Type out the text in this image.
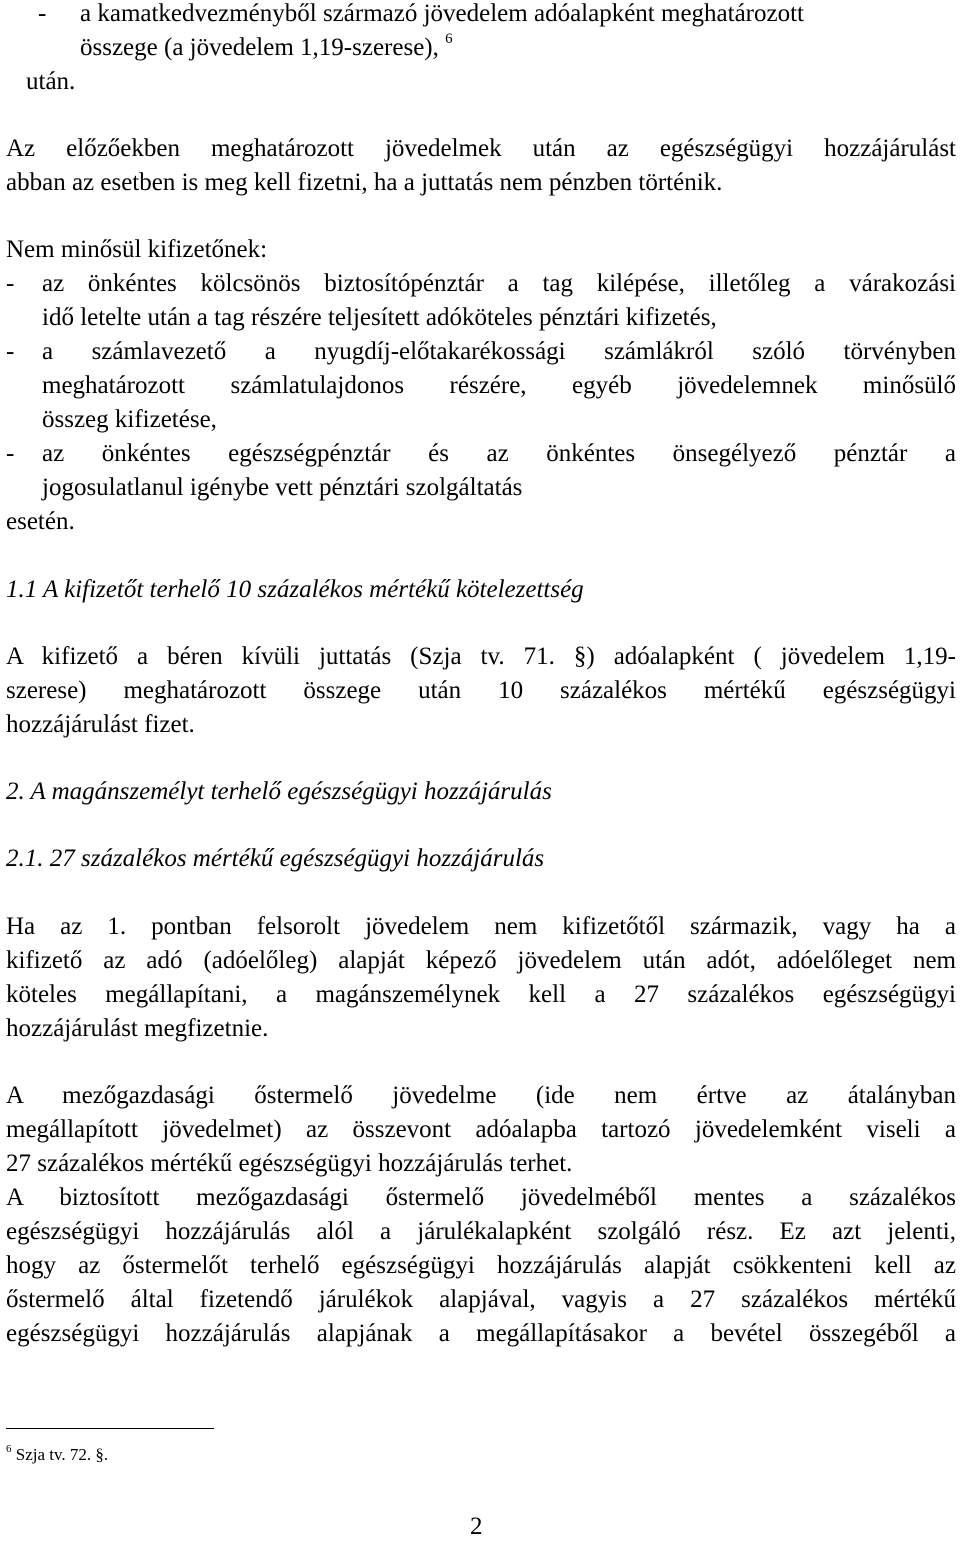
- a kamatkedvezményből származó jövedelem adóalapként meghatározott
összege (a jövedelem 1,19-szerese), $^6$
után.
Az előzőekben meghatározott jövedelmek után az egészségügyi hozzájárulást
abban az esetben is meg kell fizetni, ha a juttatás nem pénzben történik.
Nem minősül kifizetőnek:
- az önkéntes kölcsönös biztosítópénztár a tag kilépése, illetőleg a várakozási
idő letelte után a tag részére teljesített adóköteles pénztári kifizetés,
- a számlavezető a nyugdíj-előtakarékossági számlákról szóló törvényben
meghatározott számlatulajdonos részére, egyéb jövedelemnek minősülő
összeg kifizetése,
- az önkéntes egészségpénztár és az önkéntes önsegélyező pénztár a
jogosulatlanul igénybe vett pénztári szolgáltatás
esetén.
1.1 A kifizetőt terhelő 10 százalékos mértékű kötelezettség
A kifizető a béren kívüli juttatás (Szja tv. 71. §) adóalapként ( jövedelem 1,19-
szerese) meghatározott összege után 10 százalékos mértékű egészségügyi
hozzájárulást fizet.
2. A magánszemélyt terhelő egészségügyi hozzájárulás
2.1. 27 százalékos mértékű egészségügyi hozzájárulás
Ha az 1. pontban felsorolt jövedelem nem kifizetőtől származik, vagy ha a
kifizető az adó (adóelőleg) alapját képező jövedelem után adót, adóelőleget nem
köteles megállapítani, a magánszemélynek kell a 27 százalékos egészségügyi
hozzájárulást megfizetnie.
A mezőgazdasági őstermelő jövedelme (ide nem értve az átalányban
megállapított jövedelmet) az összevont adóalapba tartozó jövedelemként viseli a
27 százalékos mértékű egészségügyi hozzájárulás terhet.
A biztosított mezőgazdasági őstermelő jövedelméből mentes a százalékos
egészségügyi hozzájárulás alól a járulékalapként szolgáló rész. Ez azt jelenti,
hogy az őstermelőt terhelő egészségügyi hozzájárulás alapját csökkenteni kell az
őstermelő által fizetendő járulékok alapjával, vagyis a 27 százalékos mértékű
egészségügyi hozzájárulás alapjának a megállapításakor a bevétel összegéből a
$^6$ Szja tv. 72. §.
2
